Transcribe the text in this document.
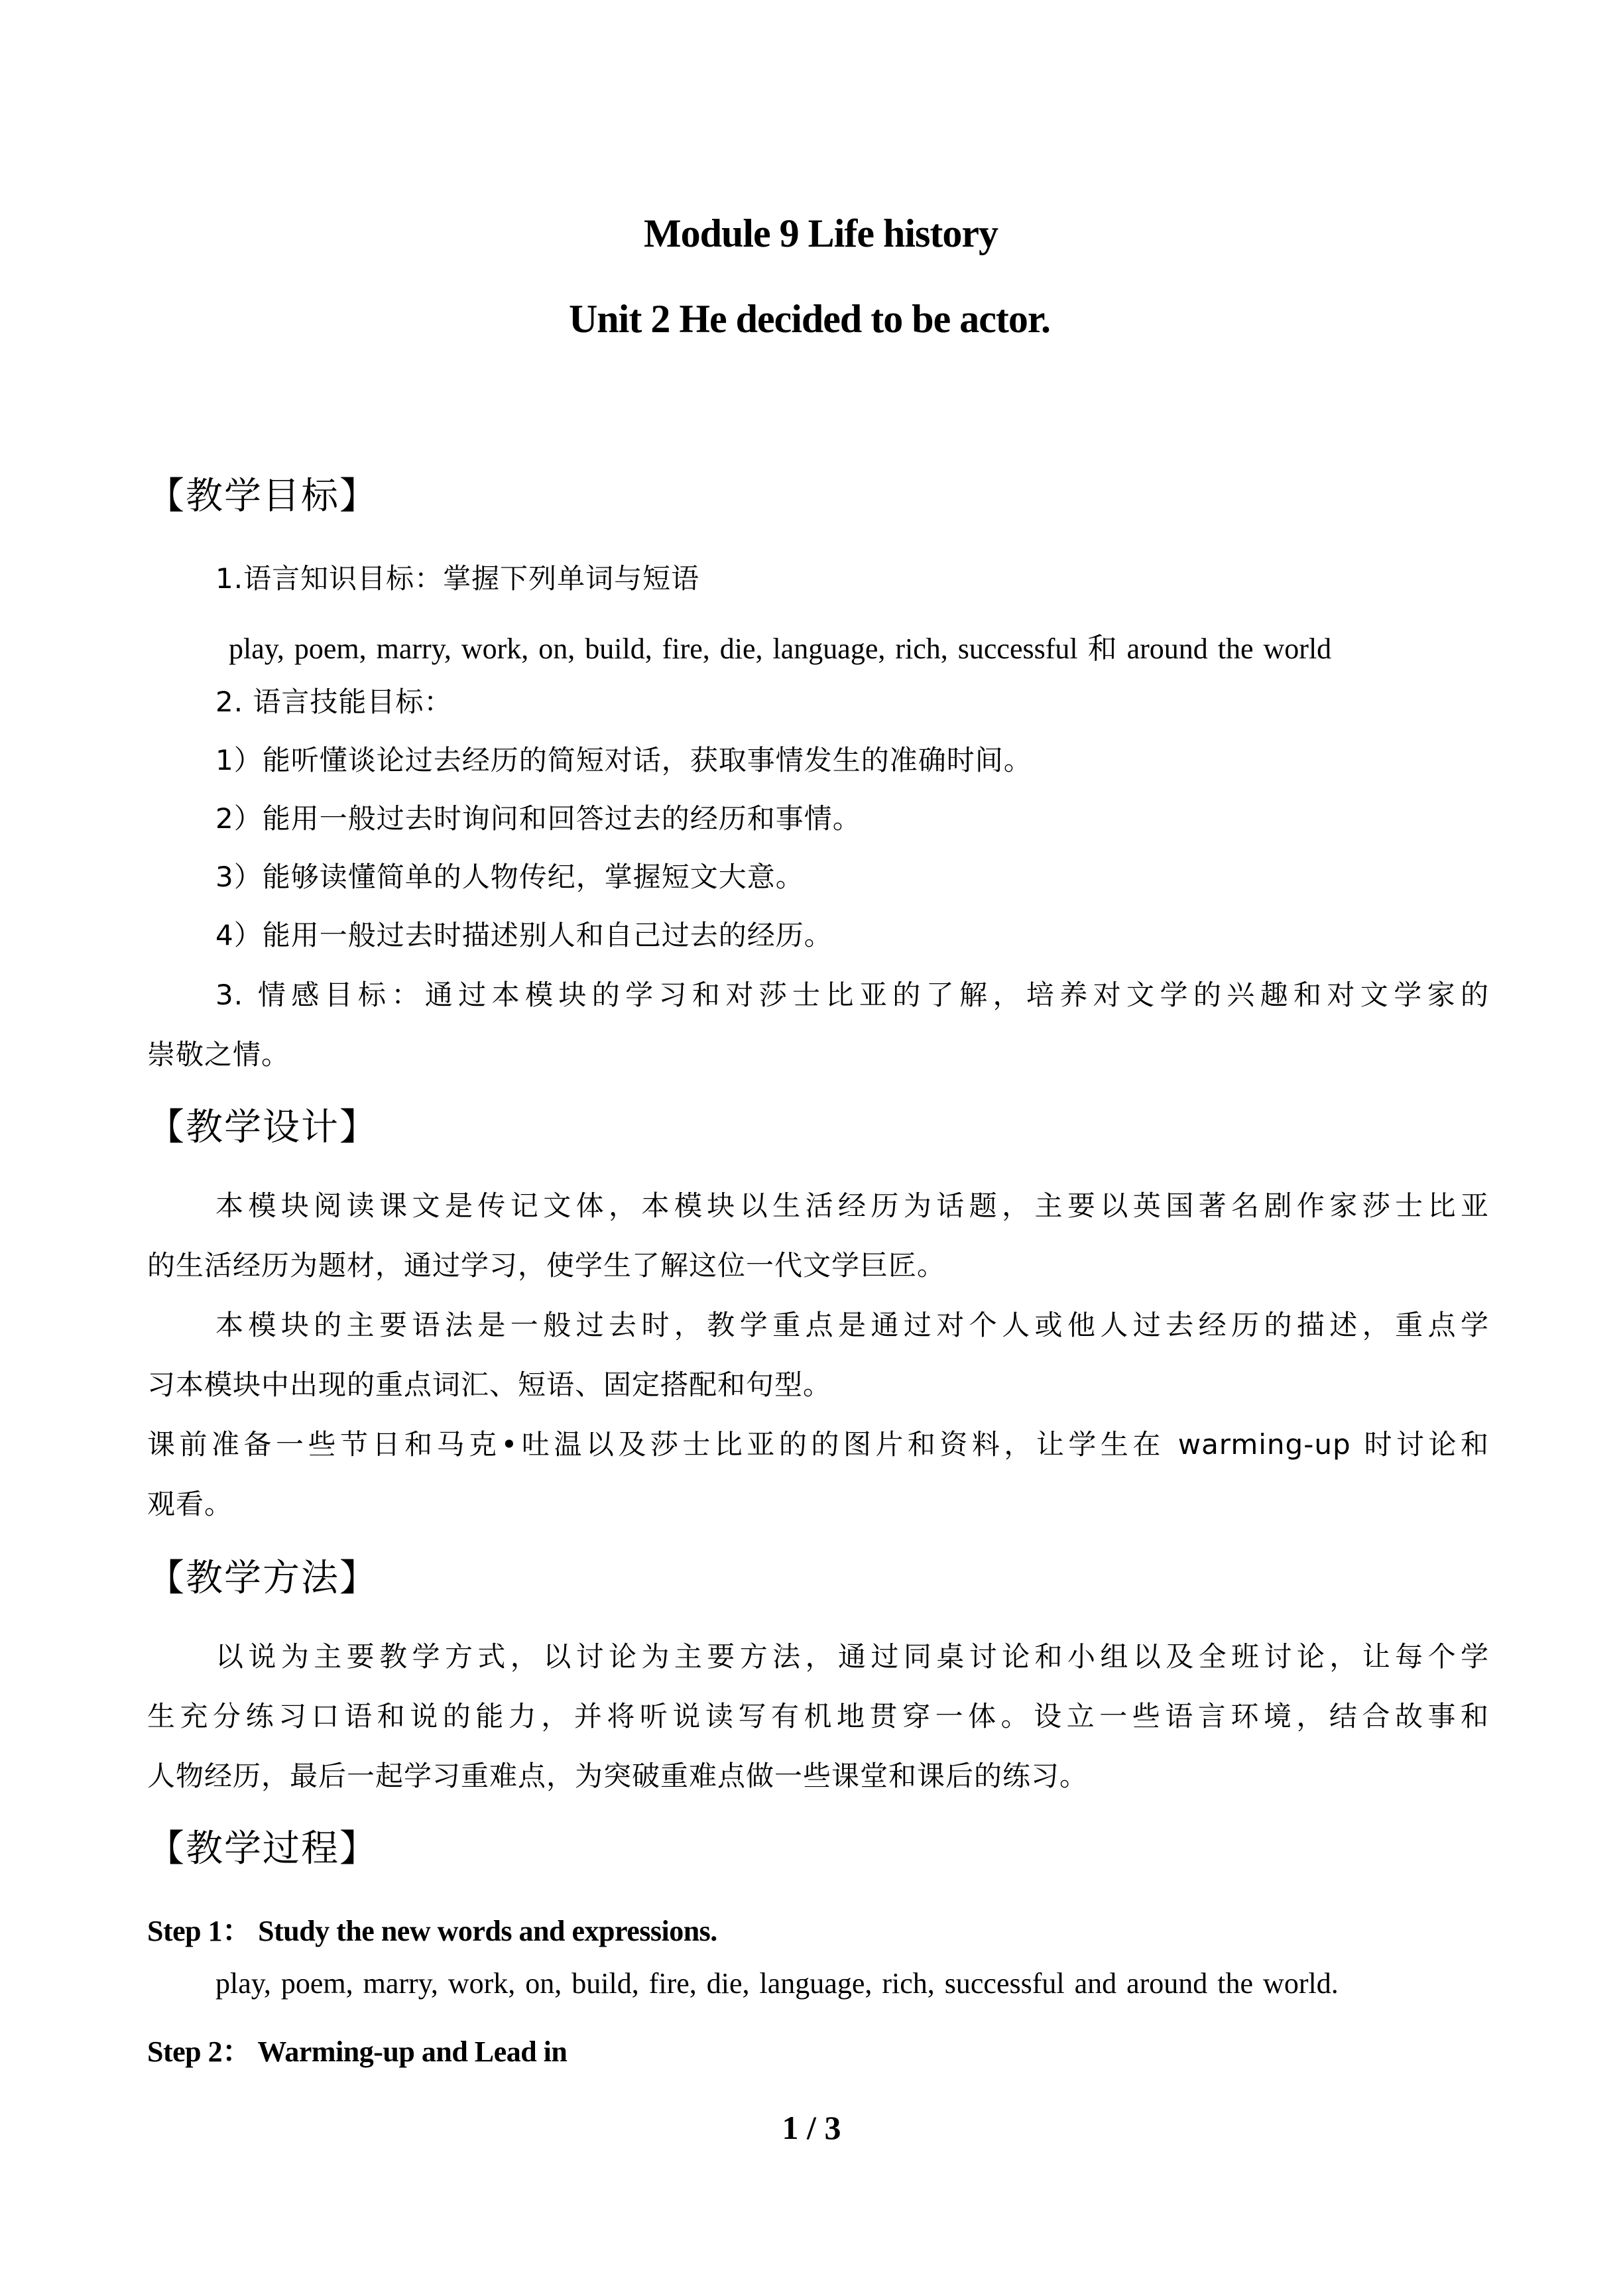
Module 9 Life history
Unit 2 He decided to be actor.
【教学目标】
1.语言知识目标：掌握下列单词与短语
play, poem, marry, work, on, build, fire, die, language, rich, successful 和 around the world
2. 语言技能目标：
1）能听懂谈论过去经历的简短对话，获取事情发生的准确时间。
2）能用一般过去时询问和回答过去的经历和事情。
3）能够读懂简单的人物传纪，掌握短文大意。
4）能用一般过去时描述别人和自己过去的经历。
3. 情感目标：通过本模块的学习和对莎士比亚的了解，培养对文学的兴趣和对文学家的
崇敬之情。
【教学设计】
本模块阅读课文是传记文体，本模块以生活经历为话题，主要以英国著名剧作家莎士比亚
的生活经历为题材，通过学习，使学生了解这位一代文学巨匠。
本模块的主要语法是一般过去时，教学重点是通过对个人或他人过去经历的描述，重点学
习本模块中出现的重点词汇、短语、固定搭配和句型。
课前准备一些节日和马克•吐温以及莎士比亚的的图片和资料，让学生在 warming-up 时讨论和
观看。
【教学方法】
以说为主要教学方式，以讨论为主要方法，通过同桌讨论和小组以及全班讨论，让每个学
生充分练习口语和说的能力，并将听说读写有机地贯穿一体。设立一些语言环境，结合故事和
人物经历，最后一起学习重难点，为突破重难点做一些课堂和课后的练习。
【教学过程】
Step 1： Study the new words and expressions.
play, poem, marry, work, on, build, fire, die, language, rich, successful and around the world.
Step 2： Warming-up and Lead in
1 / 3
